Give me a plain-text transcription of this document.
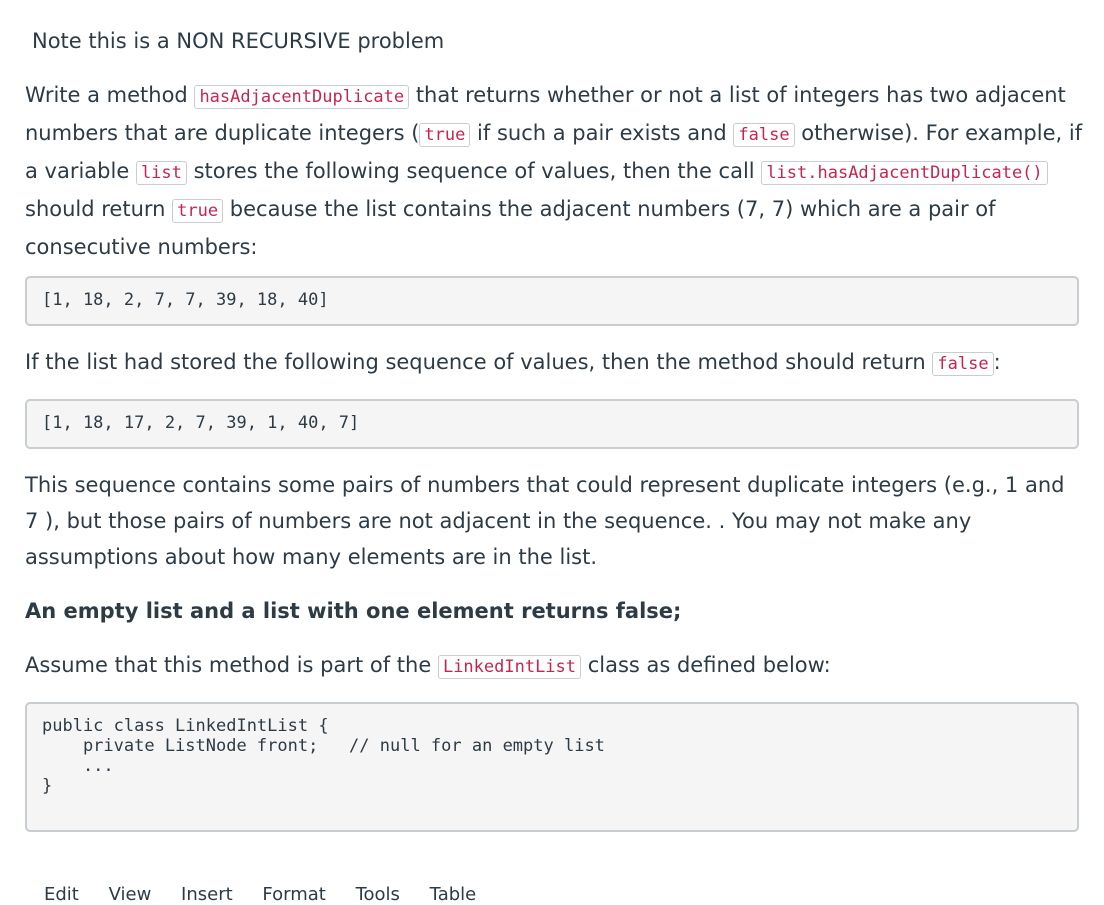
Note this is a NON RECURSIVE problem
Write a method hasAdjacentDuplicate that returns whether or not a list of integers has two adjacent numbers that are duplicate integers ( true if such a pair exists and false otherwise). For example, if a variable list stores the following sequence of values, then the call list.hasAdjacentDuplicate() should return true because the list contains the adjacent numbers (7, 7) which are a pair of consecutive numbers:
[1, 18, 2, 7, 7, 39, 18, 40]
If the list had stored the following sequence of values, then the method should return false :
[1, 18, 17, 2, 7, 39, 1, 40, 7]
This sequence contains some pairs of numbers that could represent duplicate integers (e.g., 1 and 7 ), but those pairs of numbers are not adjacent in the sequence. . You may not make any assumptions about how many elements are in the list.
An empty list and a list with one element returns false;
Assume that this method is part of the LinkedIntList class as defined below:
public class LinkedIntList {
private ListNode front;   // null for an empty list
...
}
Edit View Insert Format Tools Table
